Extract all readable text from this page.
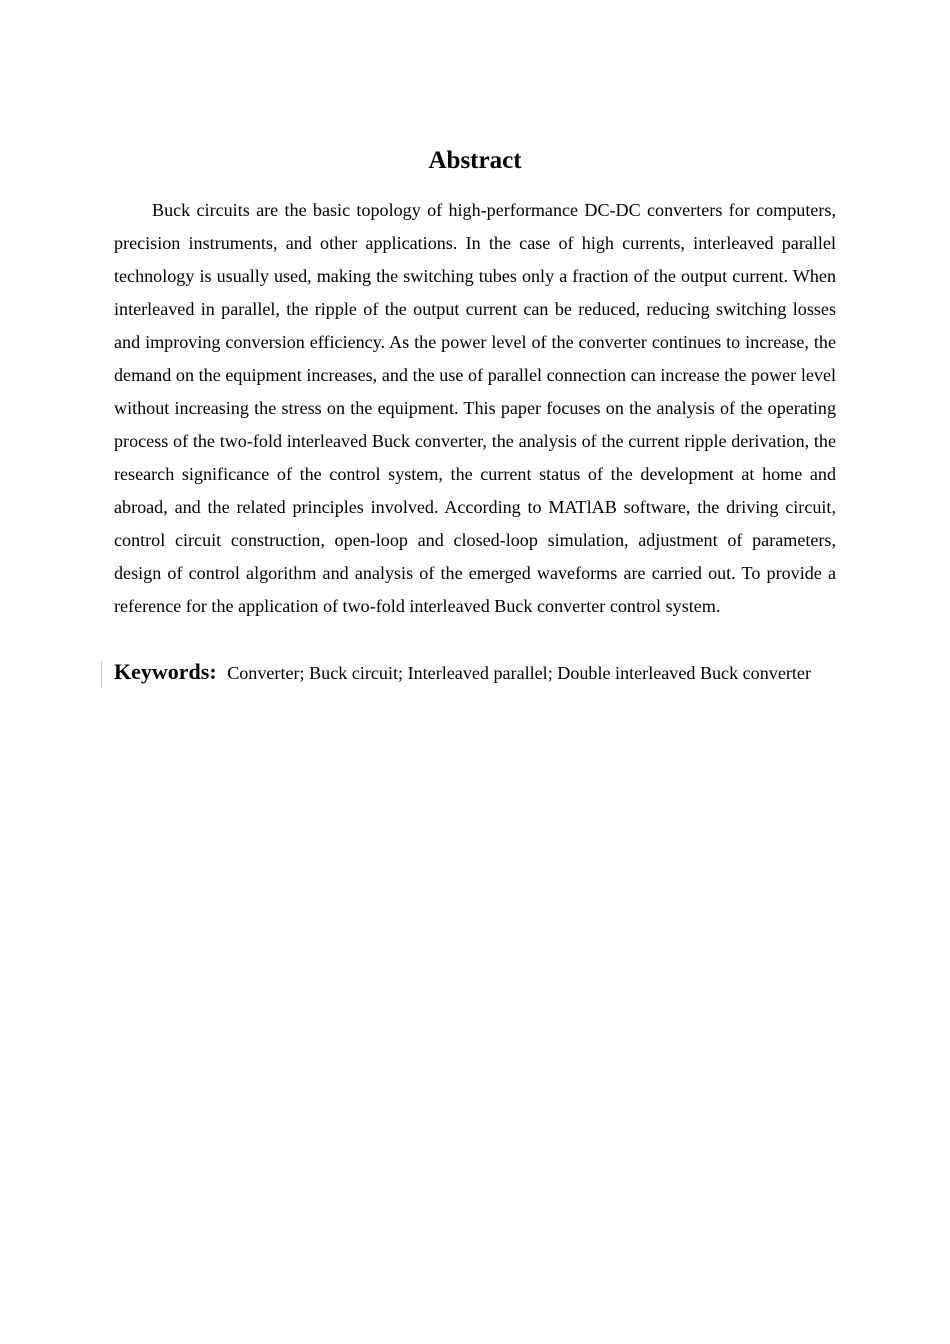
Abstract

Buck circuits are the basic topology of high-performance DC-DC converters for computers, precision instruments, and other applications. In the case of high currents, interleaved parallel technology is usually used, making the switching tubes only a fraction of the output current. When interleaved in parallel, the ripple of the output current can be reduced, reducing switching losses and improving conversion efficiency. As the power level of the converter continues to increase, the demand on the equipment increases, and the use of parallel connection can increase the power level without increasing the stress on the equipment. This paper focuses on the analysis of the operating process of the two-fold interleaved Buck converter, the analysis of the current ripple derivation, the research significance of the control system, the current status of the development at home and abroad, and the related principles involved. According to MATlAB software, the driving circuit, control circuit construction, open-loop and closed-loop simulation, adjustment of parameters, design of control algorithm and analysis of the emerged waveforms are carried out. To provide a reference for the application of two-fold interleaved Buck converter control system.

Keywords: Converter; Buck circuit; Interleaved parallel; Double interleaved Buck converter
